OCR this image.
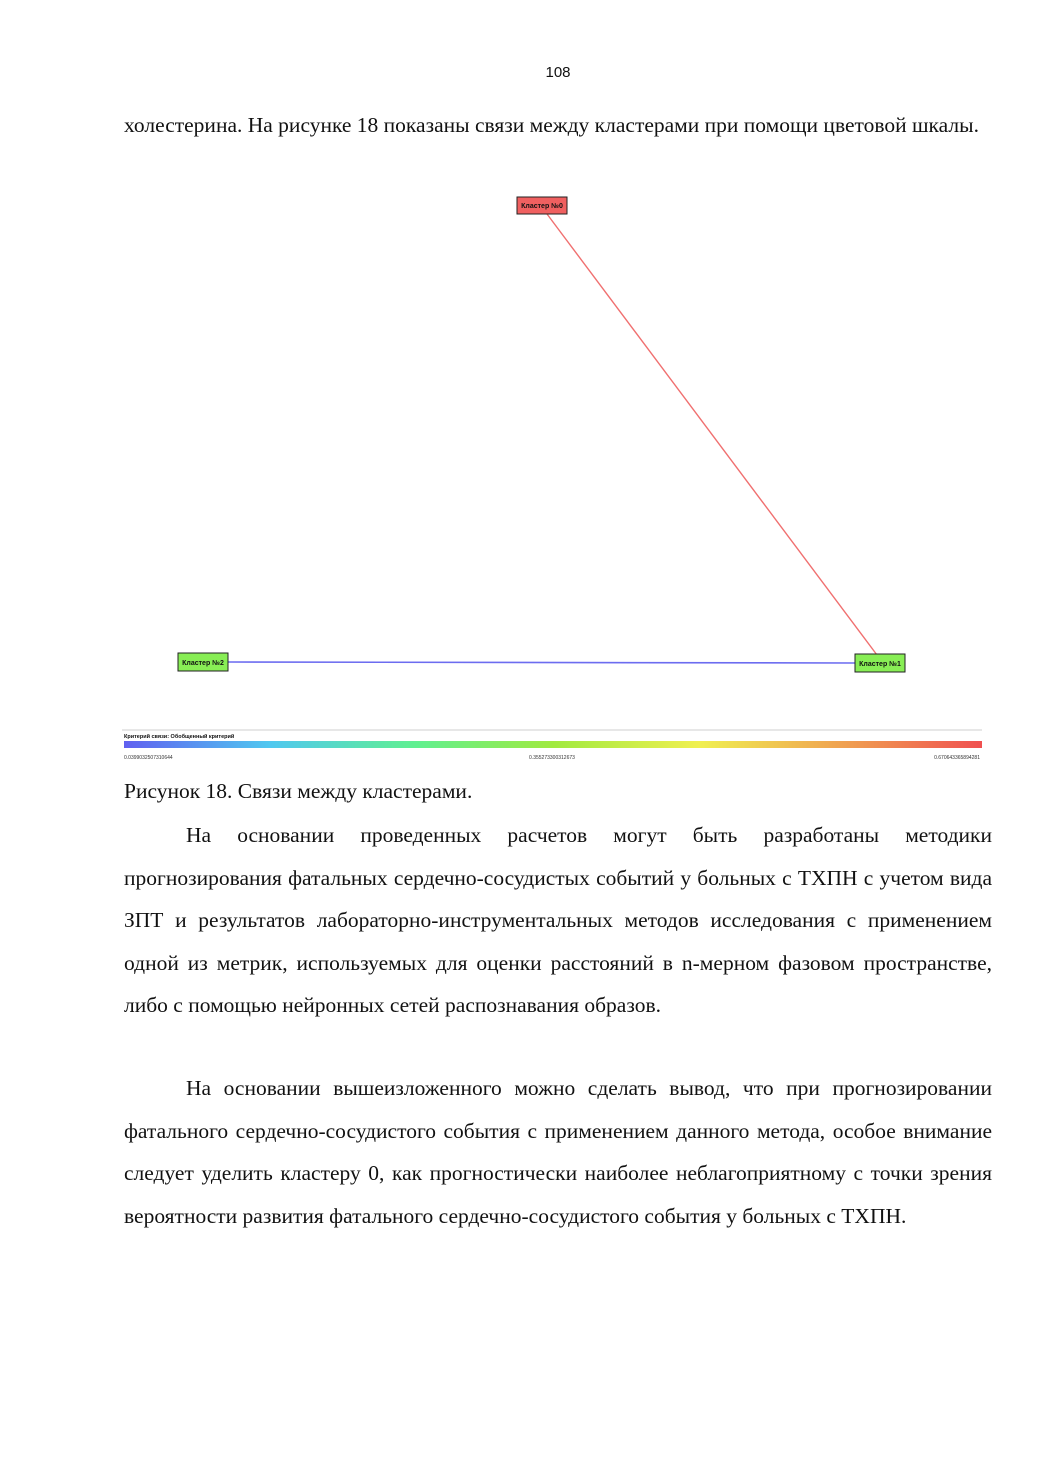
108

холестерина. На рисунке 18 показаны связи между кластерами при помощи цветовой шкалы.

Кластер №0
Кластер №1
Кластер №2
Критерий связи: Обобщенный критерий
0.0399032507310644	0.355273300312673	0.670643365894281

Рисунок 18. Связи между кластерами.

На основании проведенных расчетов могут быть разработаны методики прогнозирования фатальных сердечно-сосудистых событий у больных с ТХПН с учетом вида ЗПТ и результатов лабораторно-инструментальных методов исследования с применением одной из метрик, используемых для оценки расстояний в n-мерном фазовом пространстве, либо с помощью нейронных сетей распознавания образов.

На основании вышеизложенного можно сделать вывод, что при прогнозировании фатального сердечно-сосудистого события с применением данного метода, особое внимание следует уделить кластеру 0, как прогностически наиболее неблагоприятному с точки зрения вероятности развития фатального сердечно-сосудистого события у больных с ТХПН.
